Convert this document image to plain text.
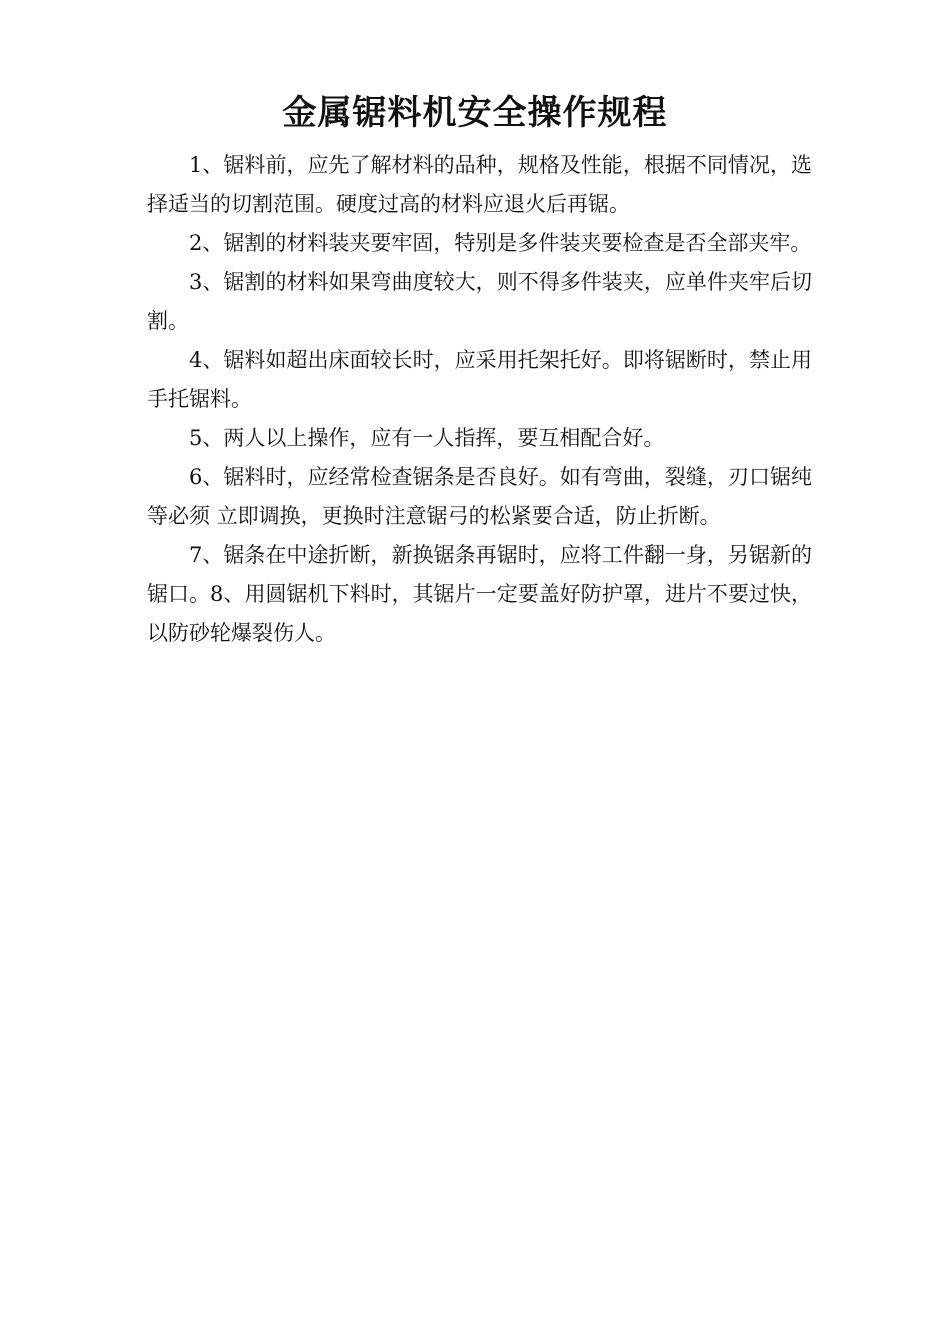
金属锯料机安全操作规程

1、锯料前，应先了解材料的品种，规格及性能，根据不同情况，选择适当的切割范围。硬度过高的材料应退火后再锯。

2、锯割的材料装夹要牢固，特别是多件装夹要检查是否全部夹牢。

3、锯割的材料如果弯曲度较大，则不得多件装夹，应单件夹牢后切割。

4、锯料如超出床面较长时，应采用托架托好。即将锯断时，禁止用手托锯料。

5、两人以上操作，应有一人指挥，要互相配合好。

6、锯料时，应经常检查锯条是否良好。如有弯曲，裂缝，刃口锯纯等必须 立即调换，更换时注意锯弓的松紧要合适，防止折断。

7、锯条在中途折断，新换锯条再锯时，应将工件翻一身，另锯新的锯口。8、用圆锯机下料时，其锯片一定要盖好防护罩，进片不要过快，以防砂轮爆裂伤人。
